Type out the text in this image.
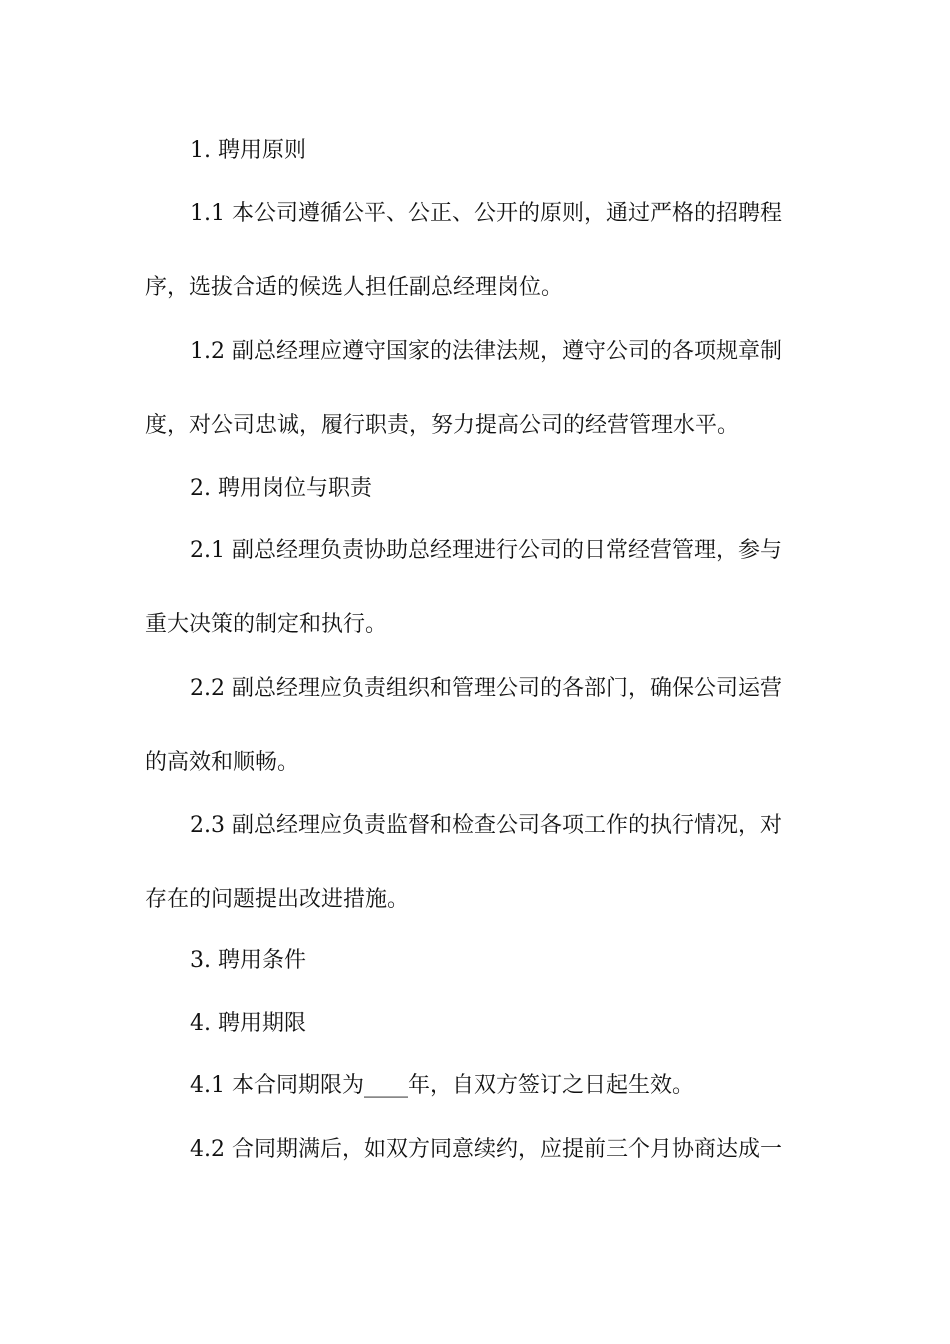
1. 聘用原则
1.1 本公司遵循公平、公正、公开的原则，通过严格的招聘程
序，选拔合适的候选人担任副总经理岗位。
1.2 副总经理应遵守国家的法律法规，遵守公司的各项规章制
度，对公司忠诚，履行职责，努力提高公司的经营管理水平。
2. 聘用岗位与职责
2.1 副总经理负责协助总经理进行公司的日常经营管理，参与
重大决策的制定和执行。
2.2 副总经理应负责组织和管理公司的各部门，确保公司运营
的高效和顺畅。
2.3 副总经理应负责监督和检查公司各项工作的执行情况，对
存在的问题提出改进措施。
3. 聘用条件
4. 聘用期限
4.1 本合同期限为____年，自双方签订之日起生效。
4.2 合同期满后，如双方同意续约，应提前三个月协商达成一
